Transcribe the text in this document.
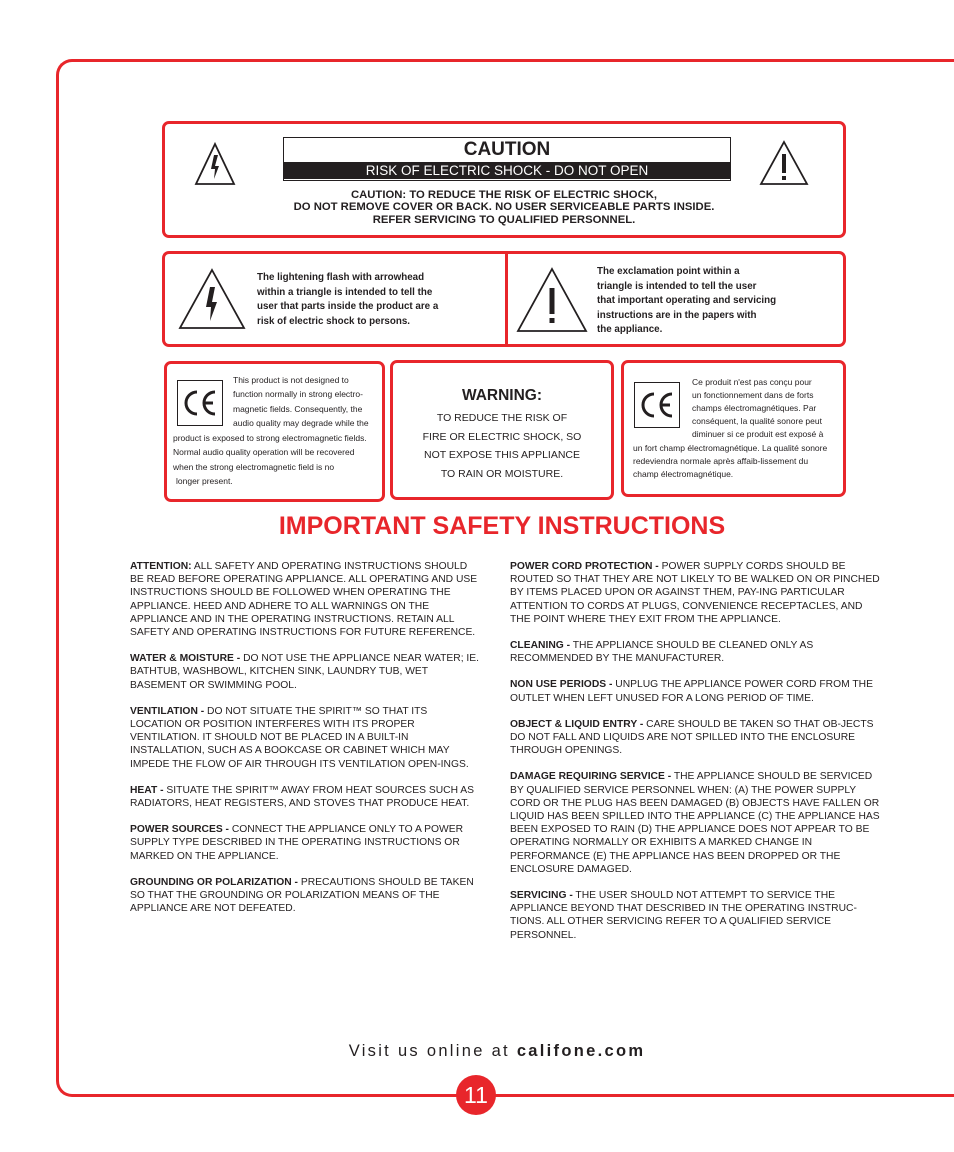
CAUTION
RISK OF ELECTRIC SHOCK - DO NOT OPEN
CAUTION: TO REDUCE THE RISK OF ELECTRIC SHOCK,
DO NOT REMOVE COVER OR BACK. NO USER SERVICEABLE PARTS INSIDE.
REFER SERVICING TO QUALIFIED PERSONNEL.
The lightening flash with arrowhead
within a triangle is intended to tell the
user that parts inside the product are a
risk of electric shock to persons.
The exclamation point within a
triangle is intended to tell the user
that important operating and servicing
instructions are in the papers with
the appliance.
This product is not designed to
function normally in strong electro-
magnetic fields. Consequently, the
audio quality may degrade while the
product is exposed to strong electromagnetic fields.
Normal audio quality operation will be recovered
when the strong electromagnetic field is no
longer present.
WARNING:
TO REDUCE THE RISK OF
FIRE OR ELECTRIC SHOCK, SO
NOT EXPOSE THIS APPLIANCE
TO RAIN OR MOISTURE.
Ce produit n'est pas conçu pour
un fonctionnement dans de forts
champs électromagnétiques. Par
conséquent, la qualité sonore peut
diminuer si ce produit est exposé à
un fort champ électromagnétique. La qualité sonore
redeviendra normale après affaib-lissement du
champ électromagnétique.
IMPORTANT SAFETY INSTRUCTIONS
ATTENTION: ALL SAFETY AND OPERATING INSTRUCTIONS SHOULD BE READ BEFORE OPERATING APPLIANCE. ALL OPERATING AND USE INSTRUCTIONS SHOULD BE FOLLOWED WHEN OPERATING THE APPLIANCE. HEED AND ADHERE TO ALL WARNINGS ON THE APPLIANCE AND IN THE OPERATING INSTRUCTIONS. RETAIN ALL SAFETY AND OPERATING INSTRUCTIONS FOR FUTURE REFERENCE.
WATER & MOISTURE - DO NOT USE THE APPLIANCE NEAR WATER; IE. BATHTUB, WASHBOWL, KITCHEN SINK, LAUNDRY TUB, WET BASEMENT OR SWIMMING POOL.
VENTILATION - DO NOT SITUATE THE SPIRIT™ SO THAT ITS LOCATION OR POSITION INTERFERES WITH ITS PROPER VENTILATION. IT SHOULD NOT BE PLACED IN A BUILT-IN INSTALLATION, SUCH AS A BOOKCASE OR CABINET WHICH MAY IMPEDE THE FLOW OF AIR THROUGH ITS VENTILATION OPEN-INGS.
HEAT - SITUATE THE SPIRIT™ AWAY FROM HEAT SOURCES SUCH AS RADIATORS, HEAT REGISTERS, AND STOVES THAT PRODUCE HEAT.
POWER SOURCES - CONNECT THE APPLIANCE ONLY TO A POWER SUPPLY TYPE DESCRIBED IN THE OPERATING INSTRUCTIONS OR MARKED ON THE APPLIANCE.
GROUNDING OR POLARIZATION - PRECAUTIONS SHOULD BE TAKEN SO THAT THE GROUNDING OR POLARIZATION MEANS OF THE APPLIANCE ARE NOT DEFEATED.
POWER CORD PROTECTION - POWER SUPPLY CORDS SHOULD BE ROUTED SO THAT THEY ARE NOT LIKELY TO BE WALKED ON OR PINCHED BY ITEMS PLACED UPON OR AGAINST THEM, PAY-ING PARTICULAR ATTENTION TO CORDS AT PLUGS, CONVENIENCE RECEPTACLES, AND THE POINT WHERE THEY EXIT FROM THE APPLIANCE.
CLEANING - THE APPLIANCE SHOULD BE CLEANED ONLY AS RECOMMENDED BY THE MANUFACTURER.
NON USE PERIODS - UNPLUG THE APPLIANCE POWER CORD FROM THE OUTLET WHEN LEFT UNUSED FOR A LONG PERIOD OF TIME.
OBJECT & LIQUID ENTRY - CARE SHOULD BE TAKEN SO THAT OB-JECTS DO NOT FALL AND LIQUIDS ARE NOT SPILLED INTO THE ENCLOSURE THROUGH OPENINGS.
DAMAGE REQUIRING SERVICE - THE APPLIANCE SHOULD BE SERVICED BY QUALIFIED SERVICE PERSONNEL WHEN: (A) THE POWER SUPPLY CORD OR THE PLUG HAS BEEN DAMAGED (B) OBJECTS HAVE FALLEN OR LIQUID HAS BEEN SPILLED INTO THE APPLIANCE (C) THE APPLIANCE HAS BEEN EXPOSED TO RAIN (D) THE APPLIANCE DOES NOT APPEAR TO BE OPERATING NORMALLY OR EXHIBITS A MARKED CHANGE IN PERFORMANCE (E) THE APPLIANCE HAS BEEN DROPPED OR THE ENCLOSURE DAMAGED.
SERVICING - THE USER SHOULD NOT ATTEMPT TO SERVICE THE APPLIANCE BEYOND THAT DESCRIBED IN THE OPERATING INSTRUC-TIONS. ALL OTHER SERVICING REFER TO A QUALIFIED SERVICE PERSONNEL.
Visit us online at califone.com
11
